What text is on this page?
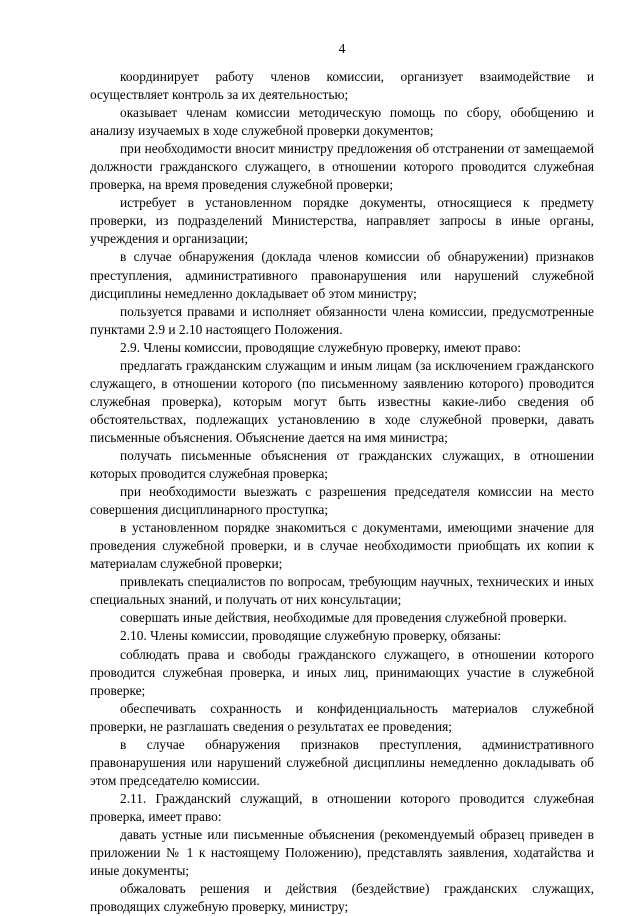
4

координирует работу членов комиссии, организует взаимодействие и осуществляет контроль за их деятельностью;

оказывает членам комиссии методическую помощь по сбору, обобщению и анализу изучаемых в ходе служебной проверки документов;

при необходимости вносит министру предложения об отстранении от замещаемой должности гражданского служащего, в отношении которого проводится служебная проверка, на время проведения служебной проверки;

истребует в установленном порядке документы, относящиеся к предмету проверки, из подразделений Министерства, направляет запросы в иные органы, учреждения и организации;

в случае обнаружения (доклада членов комиссии об обнаружении) признаков преступления, административного правонарушения или нарушений служебной дисциплины немедленно докладывает об этом министру;

пользуется правами и исполняет обязанности члена комиссии, предусмотренные пунктами 2.9 и 2.10 настоящего Положения.

2.9. Члены комиссии, проводящие служебную проверку, имеют право:

предлагать гражданским служащим и иным лицам (за исключением гражданского служащего, в отношении которого (по письменному заявлению которого) проводится служебная проверка), которым могут быть известны какие-либо сведения об обстоятельствах, подлежащих установлению в ходе служебной проверки, давать письменные объяснения. Объяснение дается на имя министра;

получать письменные объяснения от гражданских служащих, в отношении которых проводится служебная проверка;

при необходимости выезжать с разрешения председателя комиссии на место совершения дисциплинарного проступка;

в установленном порядке знакомиться с документами, имеющими значение для проведения служебной проверки, и в случае необходимости приобщать их копии к материалам служебной проверки;

привлекать специалистов по вопросам, требующим научных, технических и иных специальных знаний, и получать от них консультации;

совершать иные действия, необходимые для проведения служебной проверки.

2.10. Члены комиссии, проводящие служебную проверку, обязаны:

соблюдать права и свободы гражданского служащего, в отношении которого проводится служебная проверка, и иных лиц, принимающих участие в служебной проверке;

обеспечивать сохранность и конфиденциальность материалов служебной проверки, не разглашать сведения о результатах ее проведения;

в случае обнаружения признаков преступления, административного правонарушения или нарушений служебной дисциплины немедленно докладывать об этом председателю комиссии.

2.11. Гражданский служащий, в отношении которого проводится служебная проверка, имеет право:

давать устные или письменные объяснения (рекомендуемый образец приведен в приложении № 1 к настоящему Положению), представлять заявления, ходатайства и иные документы;

обжаловать решения и действия (бездействие) гражданских служащих, проводящих служебную проверку, министру;
